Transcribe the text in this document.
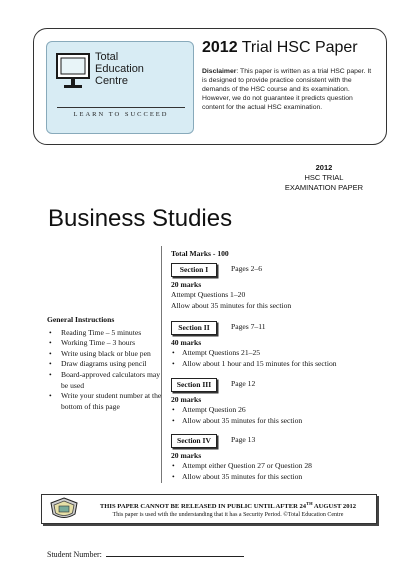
Total
Education
Centre
LEARN TO SUCCEED
2012 Trial HSC Paper
Disclaimer: This paper is written as a trial HSC paper. It is designed to provide practice consistent with the demands of the HSC course and its examination. However, we do not guarantee it predicts question content for the actual HSC examination.
2012
HSC TRIAL
EXAMINATION PAPER
Business Studies
General Instructions
• Reading Time – 5 minutes
• Working Time – 3 hours
• Write using black or blue pen
• Draw diagrams using pencil
• Board-approved calculators may be used
• Write your student number at the bottom of this page
Total Marks - 100
Section I	Pages 2–6
20 marks
Attempt Questions 1–20
Allow about 35 minutes for this section
Section II	Pages 7–11
40 marks
• Attempt Questions 21–25
• Allow about 1 hour and 15 minutes for this section
Section III	Page 12
20 marks
• Attempt Question 26
• Allow about 35 minutes for this section
Section IV	Page 13
20 marks
• Attempt either Question 27 or Question 28
• Allow about 35 minutes for this section
THIS PAPER CANNOT BE RELEASED IN PUBLIC UNTIL AFTER 24TH AUGUST 2012
This paper is used with the understanding that it has a Security Period. ©Total Education Centre
Student Number:
